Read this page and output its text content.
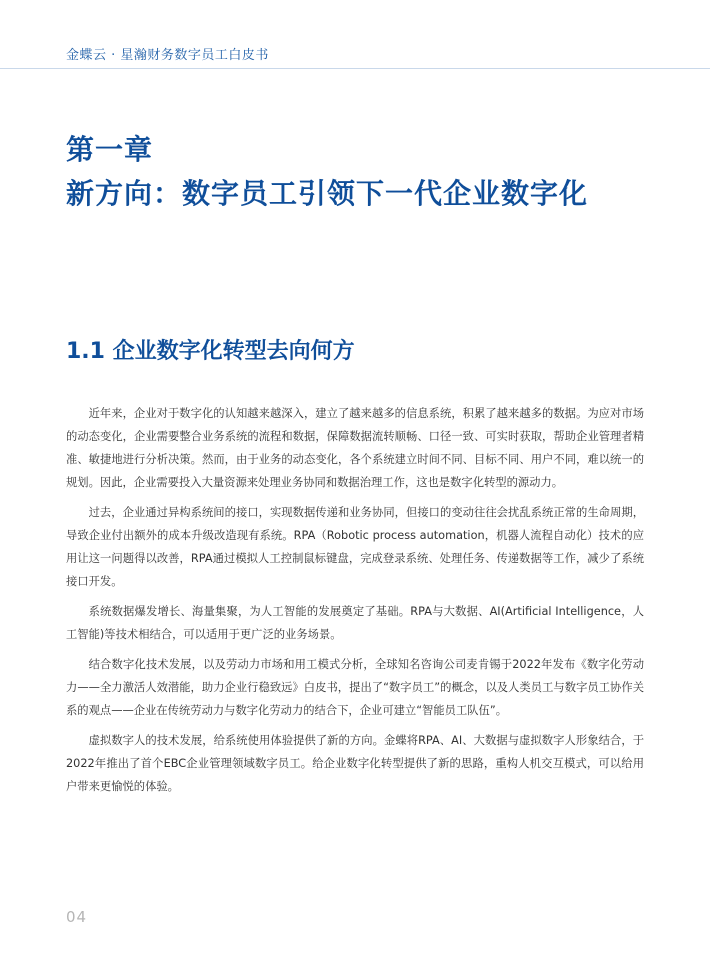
金蝶云 · 星瀚财务数字员工白皮书
第一章
新方向：数字员工引领下一代企业数字化
1.1 企业数字化转型去向何方

近年来，企业对于数字化的认知越来越深入，建立了越来越多的信息系统，积累了越来越多的数据。为应对市场的动态变化，企业需要整合业务系统的流程和数据，保障数据流转顺畅、口径一致、可实时获取，帮助企业管理者精准、敏捷地进行分析决策。然而，由于业务的动态变化，各个系统建立时间不同、目标不同、用户不同，难以统一的规划。因此，企业需要投入大量资源来处理业务协同和数据治理工作，这也是数字化转型的源动力。

过去，企业通过异构系统间的接口，实现数据传递和业务协同，但接口的变动往往会扰乱系统正常的生命周期，导致企业付出额外的成本升级改造现有系统。RPA（Robotic process automation，机器人流程自动化）技术的应用让这一问题得以改善，RPA通过模拟人工控制鼠标键盘，完成登录系统、处理任务、传递数据等工作，减少了系统接口开发。

系统数据爆发增长、海量集聚，为人工智能的发展奠定了基础。RPA与大数据、AI(Artificial Intelligence，人工智能)等技术相结合，可以适用于更广泛的业务场景。

结合数字化技术发展，以及劳动力市场和用工模式分析，全球知名咨询公司麦肯锡于2022年发布《数字化劳动力——全力激活人效潜能，助力企业行稳致远》白皮书，提出了“数字员工”的概念，以及人类员工与数字员工协作关系的观点——企业在传统劳动力与数字化劳动力的结合下，企业可建立“智能员工队伍”。

虚拟数字人的技术发展，给系统使用体验提供了新的方向。金蝶将RPA、AI、大数据与虚拟数字人形象结合，于2022年推出了首个EBC企业管理领域数字员工。给企业数字化转型提供了新的思路，重构人机交互模式，可以给用户带来更愉悦的体验。

04
